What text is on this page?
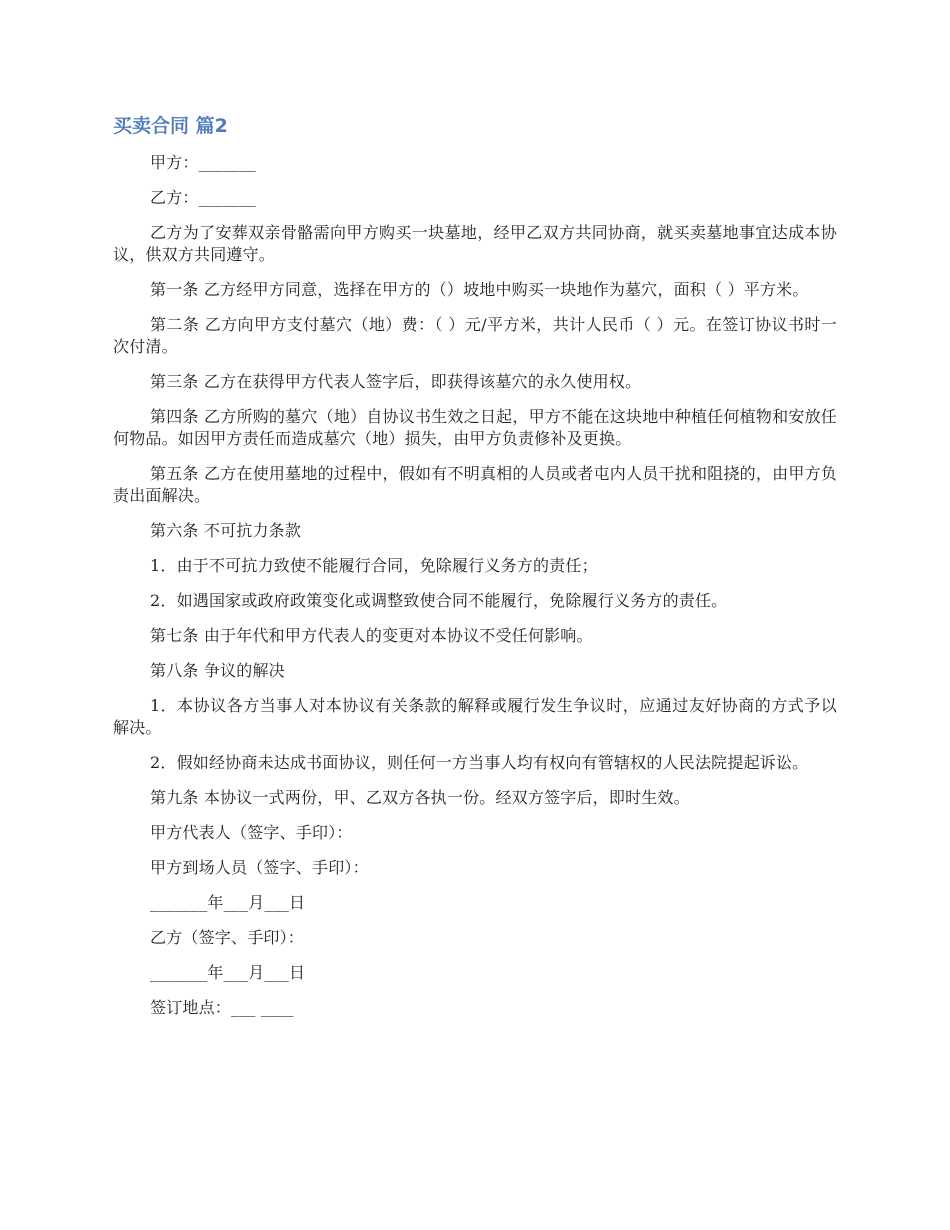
买卖合同 篇2

甲方：_______

乙方：_______

乙方为了安葬双亲骨骼需向甲方购买一块墓地，经甲乙双方共同协商，就买卖墓地事宜达成本协议，供双方共同遵守。

第一条 乙方经甲方同意，选择在甲方的（）坡地中购买一块地作为墓穴，面积（ ）平方米。

第二条 乙方向甲方支付墓穴（地）费：（ ）元/平方米，共计人民币（ ）元。在签订协议书时一次付清。

第三条 乙方在获得甲方代表人签字后，即获得该墓穴的永久使用权。

第四条 乙方所购的墓穴（地）自协议书生效之日起，甲方不能在这块地中种植任何植物和安放任何物品。如因甲方责任而造成墓穴（地）损失，由甲方负责修补及更换。

第五条 乙方在使用墓地的过程中，假如有不明真相的人员或者屯内人员干扰和阻挠的，由甲方负责出面解决。

第六条 不可抗力条款

1．由于不可抗力致使不能履行合同，免除履行义务方的责任；

2．如遇国家或政府政策变化或调整致使合同不能履行，免除履行义务方的责任。

第七条 由于年代和甲方代表人的变更对本协议不受任何影响。

第八条 争议的解决

1．本协议各方当事人对本协议有关条款的解释或履行发生争议时，应通过友好协商的方式予以解决。

2．假如经协商未达成书面协议，则任何一方当事人均有权向有管辖权的人民法院提起诉讼。

第九条 本协议一式两份，甲、乙双方各执一份。经双方签字后，即时生效。

甲方代表人（签字、手印）：

甲方到场人员（签字、手印）：

_______年___月___日

乙方（签字、手印）：

_______年___月___日

签订地点：___ ____
